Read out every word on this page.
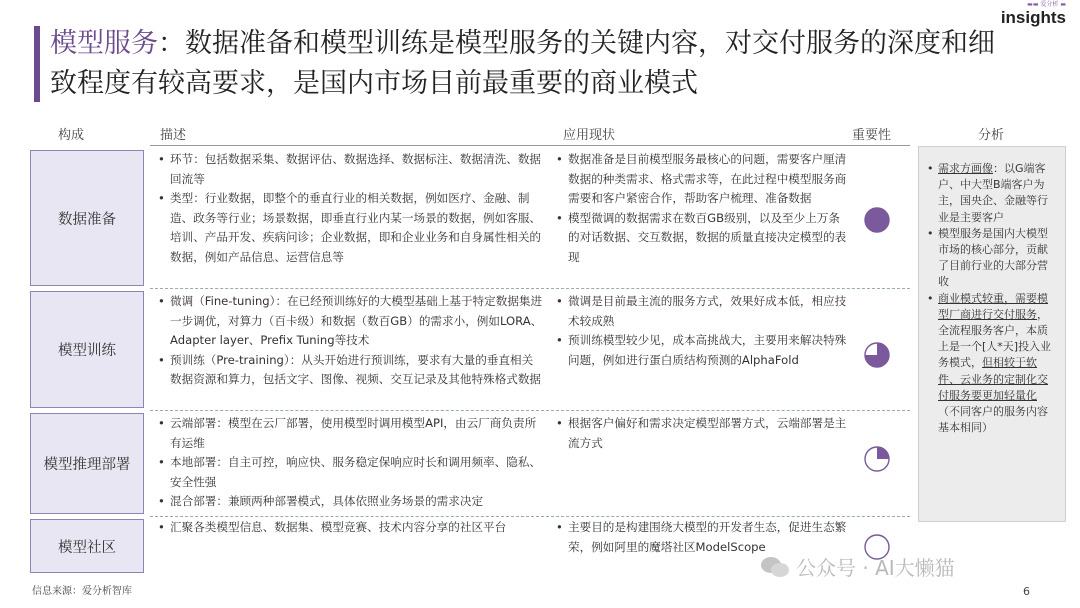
模型服务：数据准备和模型训练是模型服务的关键内容，对交付服务的深度和细致程度有较高要求，是国内市场目前最重要的商业模式
▬▬ 爱分析 ▬
insights
构成	描述	应用现状	重要性	分析
数据准备
模型训练
模型推理部署
模型社区
• 环节：包括数据采集、数据评估、数据选择、数据标注、数据清洗、数据回流等
• 类型：行业数据，即整个的垂直行业的相关数据，例如医疗、金融、制造、政务等行业；场景数据，即垂直行业内某一场景的数据，例如客服、培训、产品开发、疾病问诊；企业数据，即和企业业务和自身属性相关的数据，例如产品信息、运营信息等
• 数据准备是目前模型服务最核心的问题，需要客户厘清数据的种类需求、格式需求等，在此过程中模型服务商需要和客户紧密合作，帮助客户梳理、准备数据
• 模型微调的数据需求在数百GB级别，以及至少上万条的对话数据、交互数据，数据的质量直接决定模型的表现
• 微调（Fine-tuning）：在已经预训练好的大模型基础上基于特定数据集进一步调优，对算力（百卡级）和数据（数百GB）的需求小，例如LORA、Adapter layer、Prefix Tuning等技术
• 预训练（Pre-training）：从头开始进行预训练，要求有大量的垂直相关数据资源和算力，包括文字、图像、视频、交互记录及其他特殊格式数据
• 微调是目前最主流的服务方式，效果好成本低，相应技术较成熟
• 预训练模型较少见，成本高挑战大，主要用来解决特殊问题，例如进行蛋白质结构预测的AlphaFold
• 云端部署：模型在云厂部署，使用模型时调用模型API，由云厂商负责所有运维
• 本地部署：自主可控，响应快、服务稳定保响应时长和调用频率、隐私、安全性强
• 混合部署：兼顾两种部署模式，具体依照业务场景的需求决定
• 根据客户偏好和需求决定模型部署方式，云端部署是主流方式
• 汇聚各类模型信息、数据集、模型竞赛、技术内容分享的社区平台
•	主要目的是构建围绕大模型的开发者生态，促进生态繁荣，例如阿里的魔塔社区ModelScope
• 需求方画像：以G端客户、中大型B端客户为主，国央企、金融等行业是主要客户
• 模型服务是国内大模型市场的核心部分，贡献了目前行业的大部分营收
• 商业模式较重，需要模型厂商进行交付服务，全流程服务客户，本质上是一个[人*天]投入业务模式，但相较于软件、云业务的定制化交付服务要更加轻量化（不同客户的服务内容基本相同）
信息来源：爱分析智库	6
公众号 · AI大懒猫
